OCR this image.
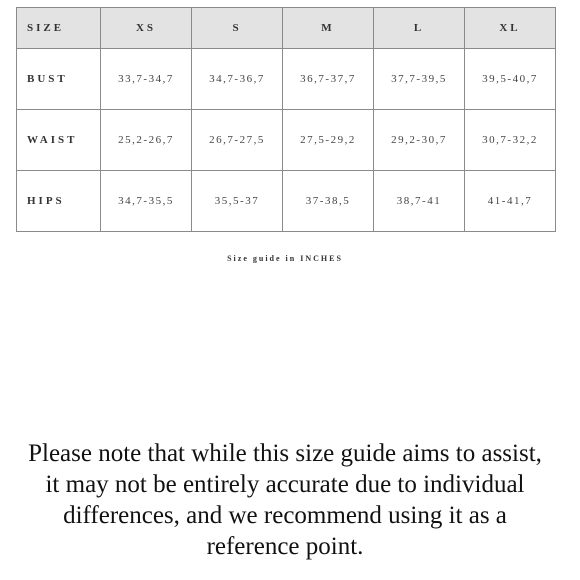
SIZE	XS	S	M	L	XL
BUST	33,7-34,7	34,7-36,7	36,7-37,7	37,7-39,5	39,5-40,7
WAIST	25,2-26,7	26,7-27,5	27,5-29,2	29,2-30,7	30,7-32,2
HIPS	34,7-35,5	35,5-37	37-38,5	38,7-41	41-41,7
Size guide in INCHES
Please note that while this size guide aims to assist, it may not be entirely accurate due to individual differences, and we recommend using it as a reference point.
